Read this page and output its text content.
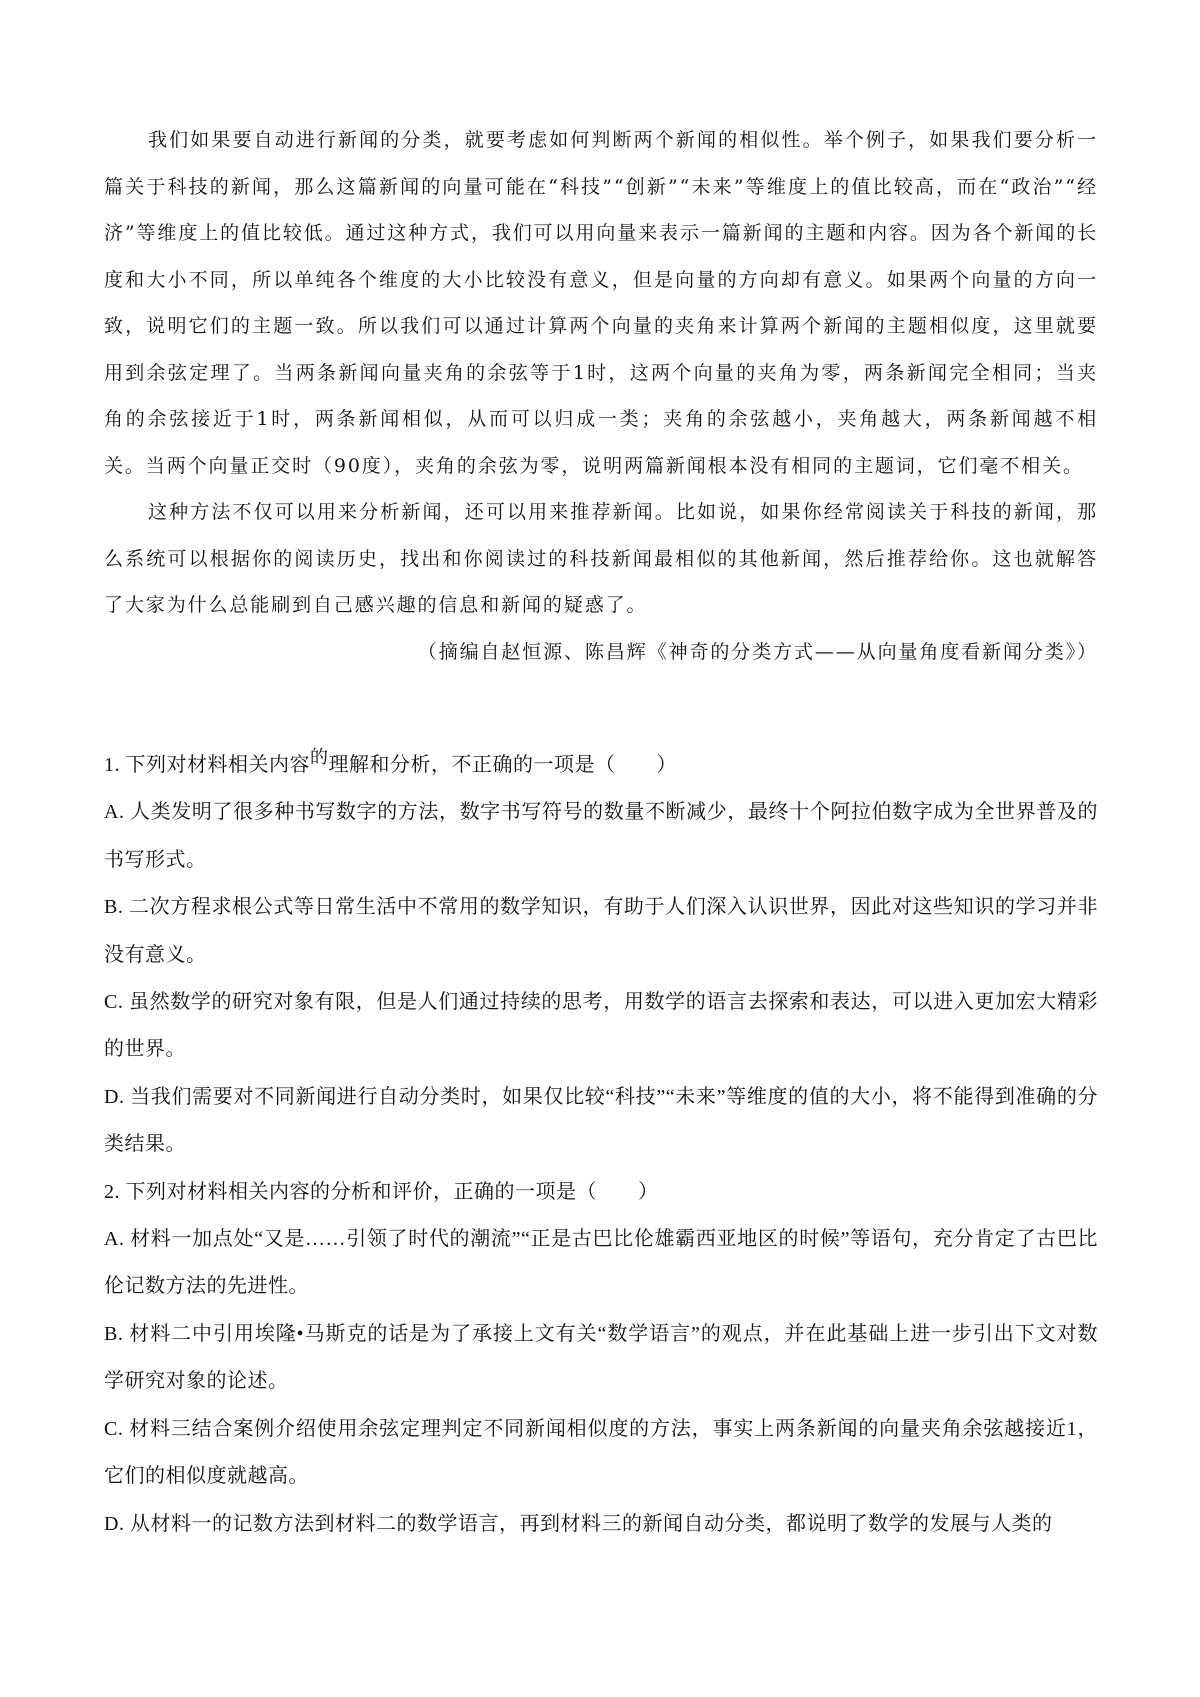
我们如果要自动进行新闻的分类，就要考虑如何判断两个新闻的相似性。举个例子，如果我们要分析一篇关于科技的新闻，那么这篇新闻的向量可能在“科技”“创新”“未来”等维度上的值比较高，而在“政治”“经济”等维度上的值比较低。通过这种方式，我们可以用向量来表示一篇新闻的主题和内容。因为各个新闻的长度和大小不同，所以单纯各个维度的大小比较没有意义，但是向量的方向却有意义。如果两个向量的方向一致，说明它们的主题一致。所以我们可以通过计算两个向量的夹角来计算两个新闻的主题相似度，这里就要用到余弦定理了。当两条新闻向量夹角的余弦等于1时，这两个向量的夹角为零，两条新闻完全相同；当夹角的余弦接近于1时，两条新闻相似，从而可以归成一类；夹角的余弦越小，夹角越大，两条新闻越不相关。当两个向量正交时（90度），夹角的余弦为零，说明两篇新闻根本没有相同的主题词，它们毫不相关。

这种方法不仅可以用来分析新闻，还可以用来推荐新闻。比如说，如果你经常阅读关于科技的新闻，那么系统可以根据你的阅读历史，找出和你阅读过的科技新闻最相似的其他新闻，然后推荐给你。这也就解答了大家为什么总能刷到自己感兴趣的信息和新闻的疑惑了。

（摘编自赵恒源、陈昌辉《神奇的分类方式——从向量角度看新闻分类》）

1. 下列对材料相关内容的理解和分析，不正确的一项是（　　）

A. 人类发明了很多种书写数字的方法，数字书写符号的数量不断减少，最终十个阿拉伯数字成为全世界普及的书写形式。

B. 二次方程求根公式等日常生活中不常用的数学知识，有助于人们深入认识世界，因此对这些知识的学习并非没有意义。

C. 虽然数学的研究对象有限，但是人们通过持续的思考，用数学的语言去探索和表达，可以进入更加宏大精彩的世界。

D. 当我们需要对不同新闻进行自动分类时，如果仅比较“科技”“未来”等维度的值的大小，将不能得到准确的分类结果。

2. 下列对材料相关内容的分析和评价，正确的一项是（　　）

A. 材料一加点处“又是……引领了时代的潮流”“正是古巴比伦雄霸西亚地区的时候”等语句，充分肯定了古巴比伦记数方法的先进性。

B. 材料二中引用埃隆•马斯克的话是为了承接上文有关“数学语言”的观点，并在此基础上进一步引出下文对数学研究对象的论述。

C. 材料三结合案例介绍使用余弦定理判定不同新闻相似度的方法，事实上两条新闻的向量夹角余弦越接近1，它们的相似度就越高。

D. 从材料一的记数方法到材料二的数学语言，再到材料三的新闻自动分类，都说明了数学的发展与人类的
